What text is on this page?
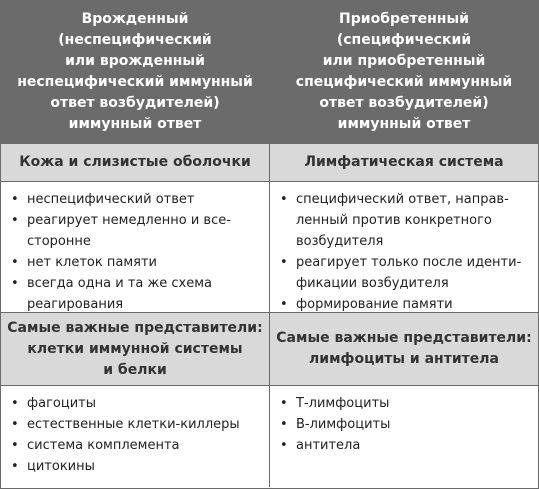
Врожденный
(неспецифический
или врожденный
неспецифический иммунный
ответ возбудителей)
иммунный ответ
Приобретенный
(специфический
или приобретенный
специфический иммунный
ответ возбудителей)
иммунный ответ
Кожа и слизистые оболочки	Лимфатическая система
• неспецифический ответ
• реагирует немедленно и все-
сторонне
• нет клеток памяти
• всегда одна и та же схема
реагирования
• специфический ответ, направ-
ленный против конкретного
возбудителя
• реагирует только после иденти-
фикации возбудителя
• формирование памяти
Самые важные представители:
клетки иммунной системы
и белки
Самые важные представители:
лимфоциты и антитела
• фагоциты
• естественные клетки-киллеры
• система комплемента
• цитокины
• Т-лимфоциты
• В-лимфоциты
• антитела
